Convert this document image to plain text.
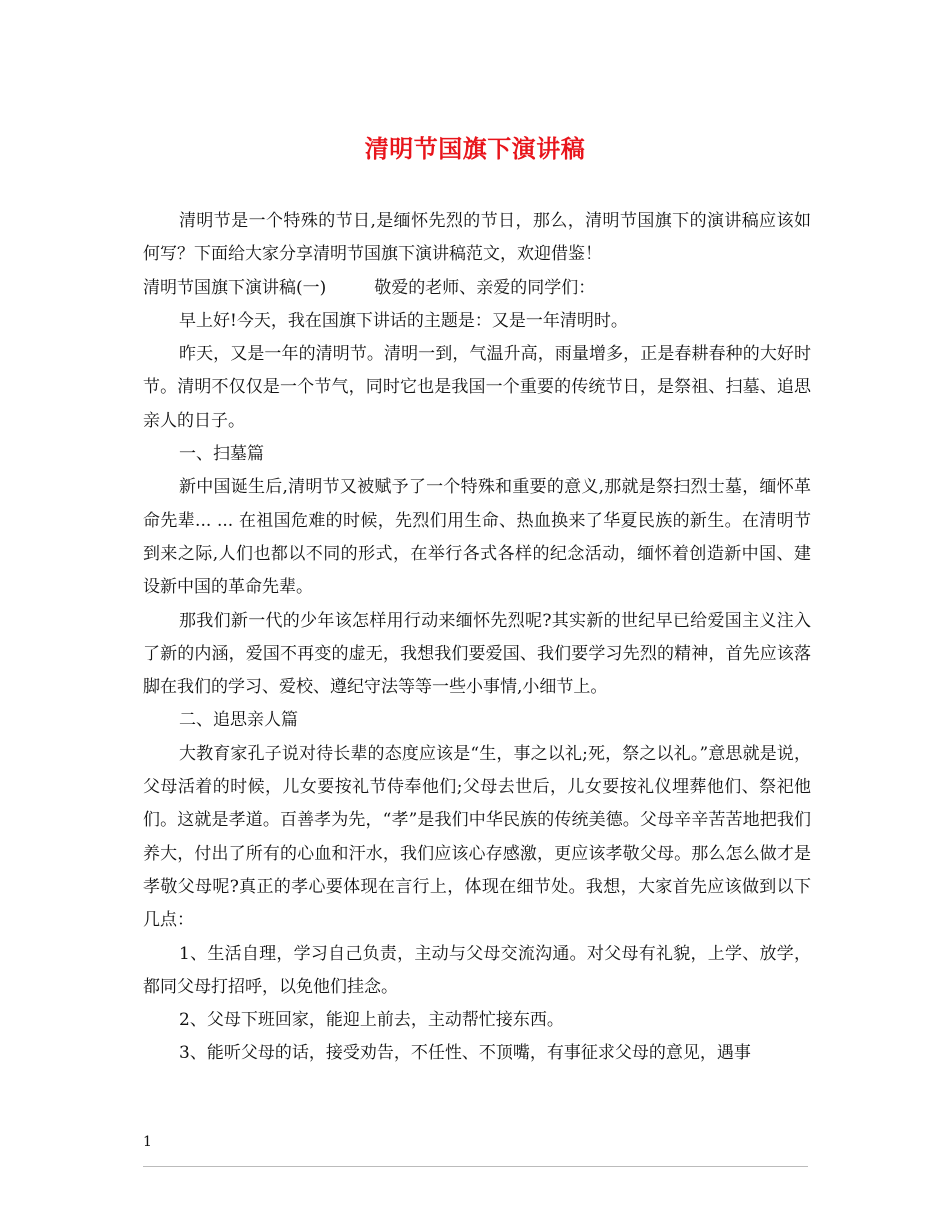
清明节国旗下演讲稿

清明节是一个特殊的节日,是缅怀先烈的节日，那么，清明节国旗下的演讲稿应该如何写？下面给大家分享清明节国旗下演讲稿范文，欢迎借鉴！

清明节国旗下演讲稿(一)	敬爱的老师、亲爱的同学们：

早上好!今天，我在国旗下讲话的主题是：又是一年清明时。

昨天，又是一年的清明节。清明一到，气温升高，雨量增多，正是春耕春种的大好时节。清明不仅仅是一个节气，同时它也是我国一个重要的传统节日，是祭祖、扫墓、追思亲人的日子。

一、扫墓篇

新中国诞生后,清明节又被赋予了一个特殊和重要的意义,那就是祭扫烈士墓，缅怀革命先辈... ... 在祖国危难的时候，先烈们用生命、热血换来了华夏民族的新生。在清明节到来之际,人们也都以不同的形式，在举行各式各样的纪念活动，缅怀着创造新中国、建设新中国的革命先辈。

那我们新一代的少年该怎样用行动来缅怀先烈呢?其实新的世纪早已给爱国主义注入了新的内涵，爱国不再变的虚无，我想我们要爱国、我们要学习先烈的精神，首先应该落脚在我们的学习、爱校、遵纪守法等等一些小事情,小细节上。

二、追思亲人篇

大教育家孔子说对待长辈的态度应该是“生，事之以礼;死，祭之以礼。”意思就是说，父母活着的时候，儿女要按礼节侍奉他们;父母去世后，儿女要按礼仪埋葬他们、祭祀他们。这就是孝道。百善孝为先，“孝”是我们中华民族的传统美德。父母辛辛苦苦地把我们养大，付出了所有的心血和汗水，我们应该心存感激，更应该孝敬父母。那么怎么做才是孝敬父母呢?真正的孝心要体现在言行上，体现在细节处。我想，大家首先应该做到以下几点：

1、生活自理，学习自己负责，主动与父母交流沟通。对父母有礼貌，上学、放学，都同父母打招呼，以免他们挂念。

2、父母下班回家，能迎上前去，主动帮忙接东西。

3、能听父母的话，接受劝告，不任性、不顶嘴，有事征求父母的意见，遇事

1
